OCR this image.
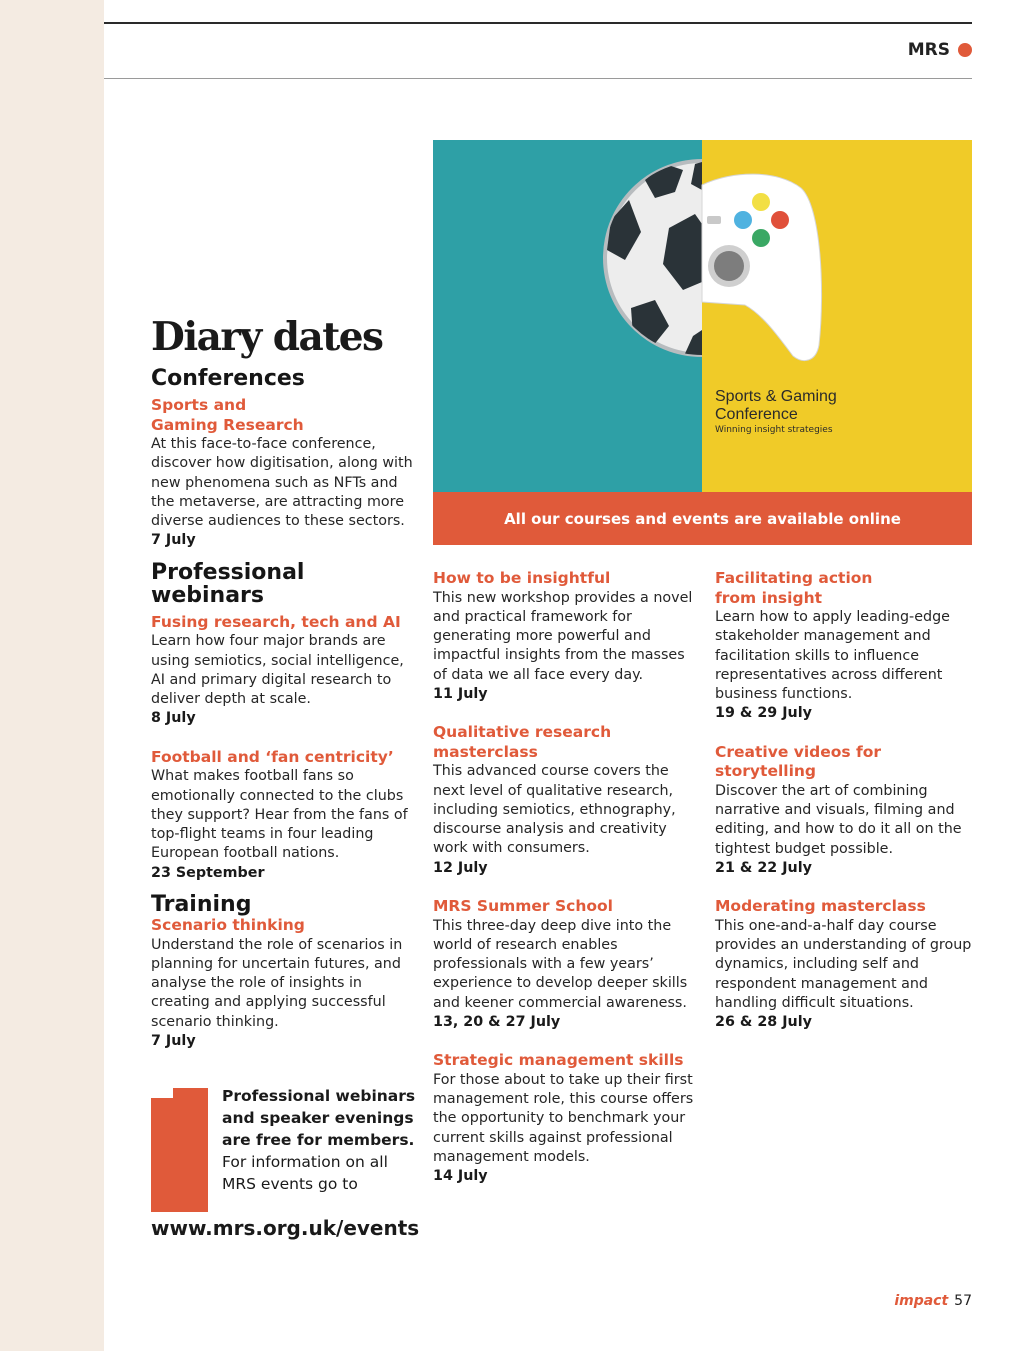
MRS
Sports & Gaming
Conference
Winning insight strategies
All our courses and events are available online
Diary dates
Conferences
Sports and
Gaming Research
At this face-to-face conference, discover how digitisation, along with new phenomena such as NFTs and the metaverse, are attracting more diverse audiences to these sectors.
7 July
Professional
webinars
Fusing research, tech and AI
Learn how four major brands are using semiotics, social intelligence, AI and primary digital research to deliver depth at scale.
8 July
Football and ‘fan centricity’
What makes football fans so emotionally connected to the clubs they support? Hear from the fans of top-flight teams in four leading European football nations.
23 September
Training
Scenario thinking
Understand the role of scenarios in planning for uncertain futures, and analyse the role of insights in creating and applying successful scenario thinking.
7 July
Professional webinars and speaker evenings are free for members.
For information on all MRS events go to
www.mrs.org.uk/events
How to be insightful
This new workshop provides a novel and practical framework for generating more powerful and impactful insights from the masses of data we all face every day.
11 July
Qualitative research
masterclass
This advanced course covers the next level of qualitative research, including semiotics, ethnography, discourse analysis and creativity work with consumers.
12 July
MRS Summer School
This three-day deep dive into the world of research enables professionals with a few years’ experience to develop deeper skills and keener commercial awareness.
13, 20 & 27 July
Strategic management skills
For those about to take up their first management role, this course offers the opportunity to benchmark your current skills against professional management models.
14 July
Facilitating action
from insight
Learn how to apply leading-edge stakeholder management and facilitation skills to influence representatives across different business functions.
19 & 29 July
Creative videos for
storytelling
Discover the art of combining narrative and visuals, filming and editing, and how to do it all on the tightest budget possible.
21 & 22 July
Moderating masterclass
This one-and-a-half day course provides an understanding of group dynamics, including self and respondent management and handling difficult situations.
26 & 28 July
impact 57
